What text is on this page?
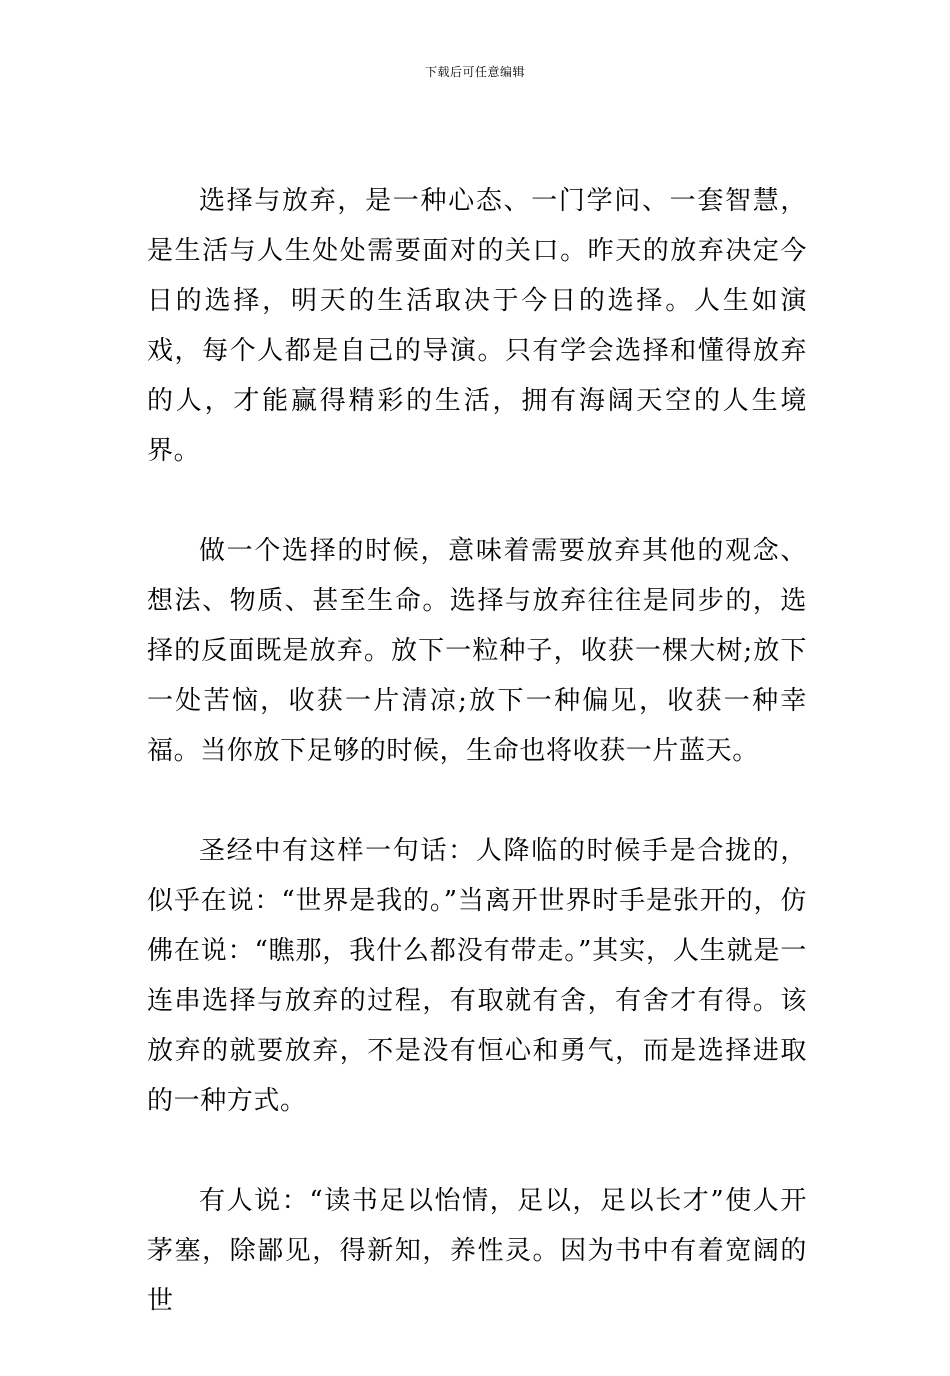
下载后可任意编辑

选择与放弃，是一种心态、一门学问、一套智慧，是生活与人生处处需要面对的关口。昨天的放弃决定今日的选择，明天的生活取决于今日的选择。人生如演戏，每个人都是自己的导演。只有学会选择和懂得放弃的人，才能赢得精彩的生活，拥有海阔天空的人生境界。

做一个选择的时候，意味着需要放弃其他的观念、想法、物质、甚至生命。选择与放弃往往是同步的，选择的反面既是放弃。放下一粒种子，收获一棵大树;放下一处苦恼，收获一片清凉;放下一种偏见，收获一种幸福。当你放下足够的时候，生命也将收获一片蓝天。

圣经中有这样一句话：人降临的时候手是合拢的，似乎在说：“世界是我的。”当离开世界时手是张开的，仿佛在说：“瞧那，我什么都没有带走。”其实，人生就是一连串选择与放弃的过程，有取就有舍，有舍才有得。该放弃的就要放弃，不是没有恒心和勇气，而是选择进取的一种方式。

有人说：“读书足以怡情，足以，足以长才”使人开茅塞，除鄙见，得新知，养性灵。因为书中有着宽阔的世
